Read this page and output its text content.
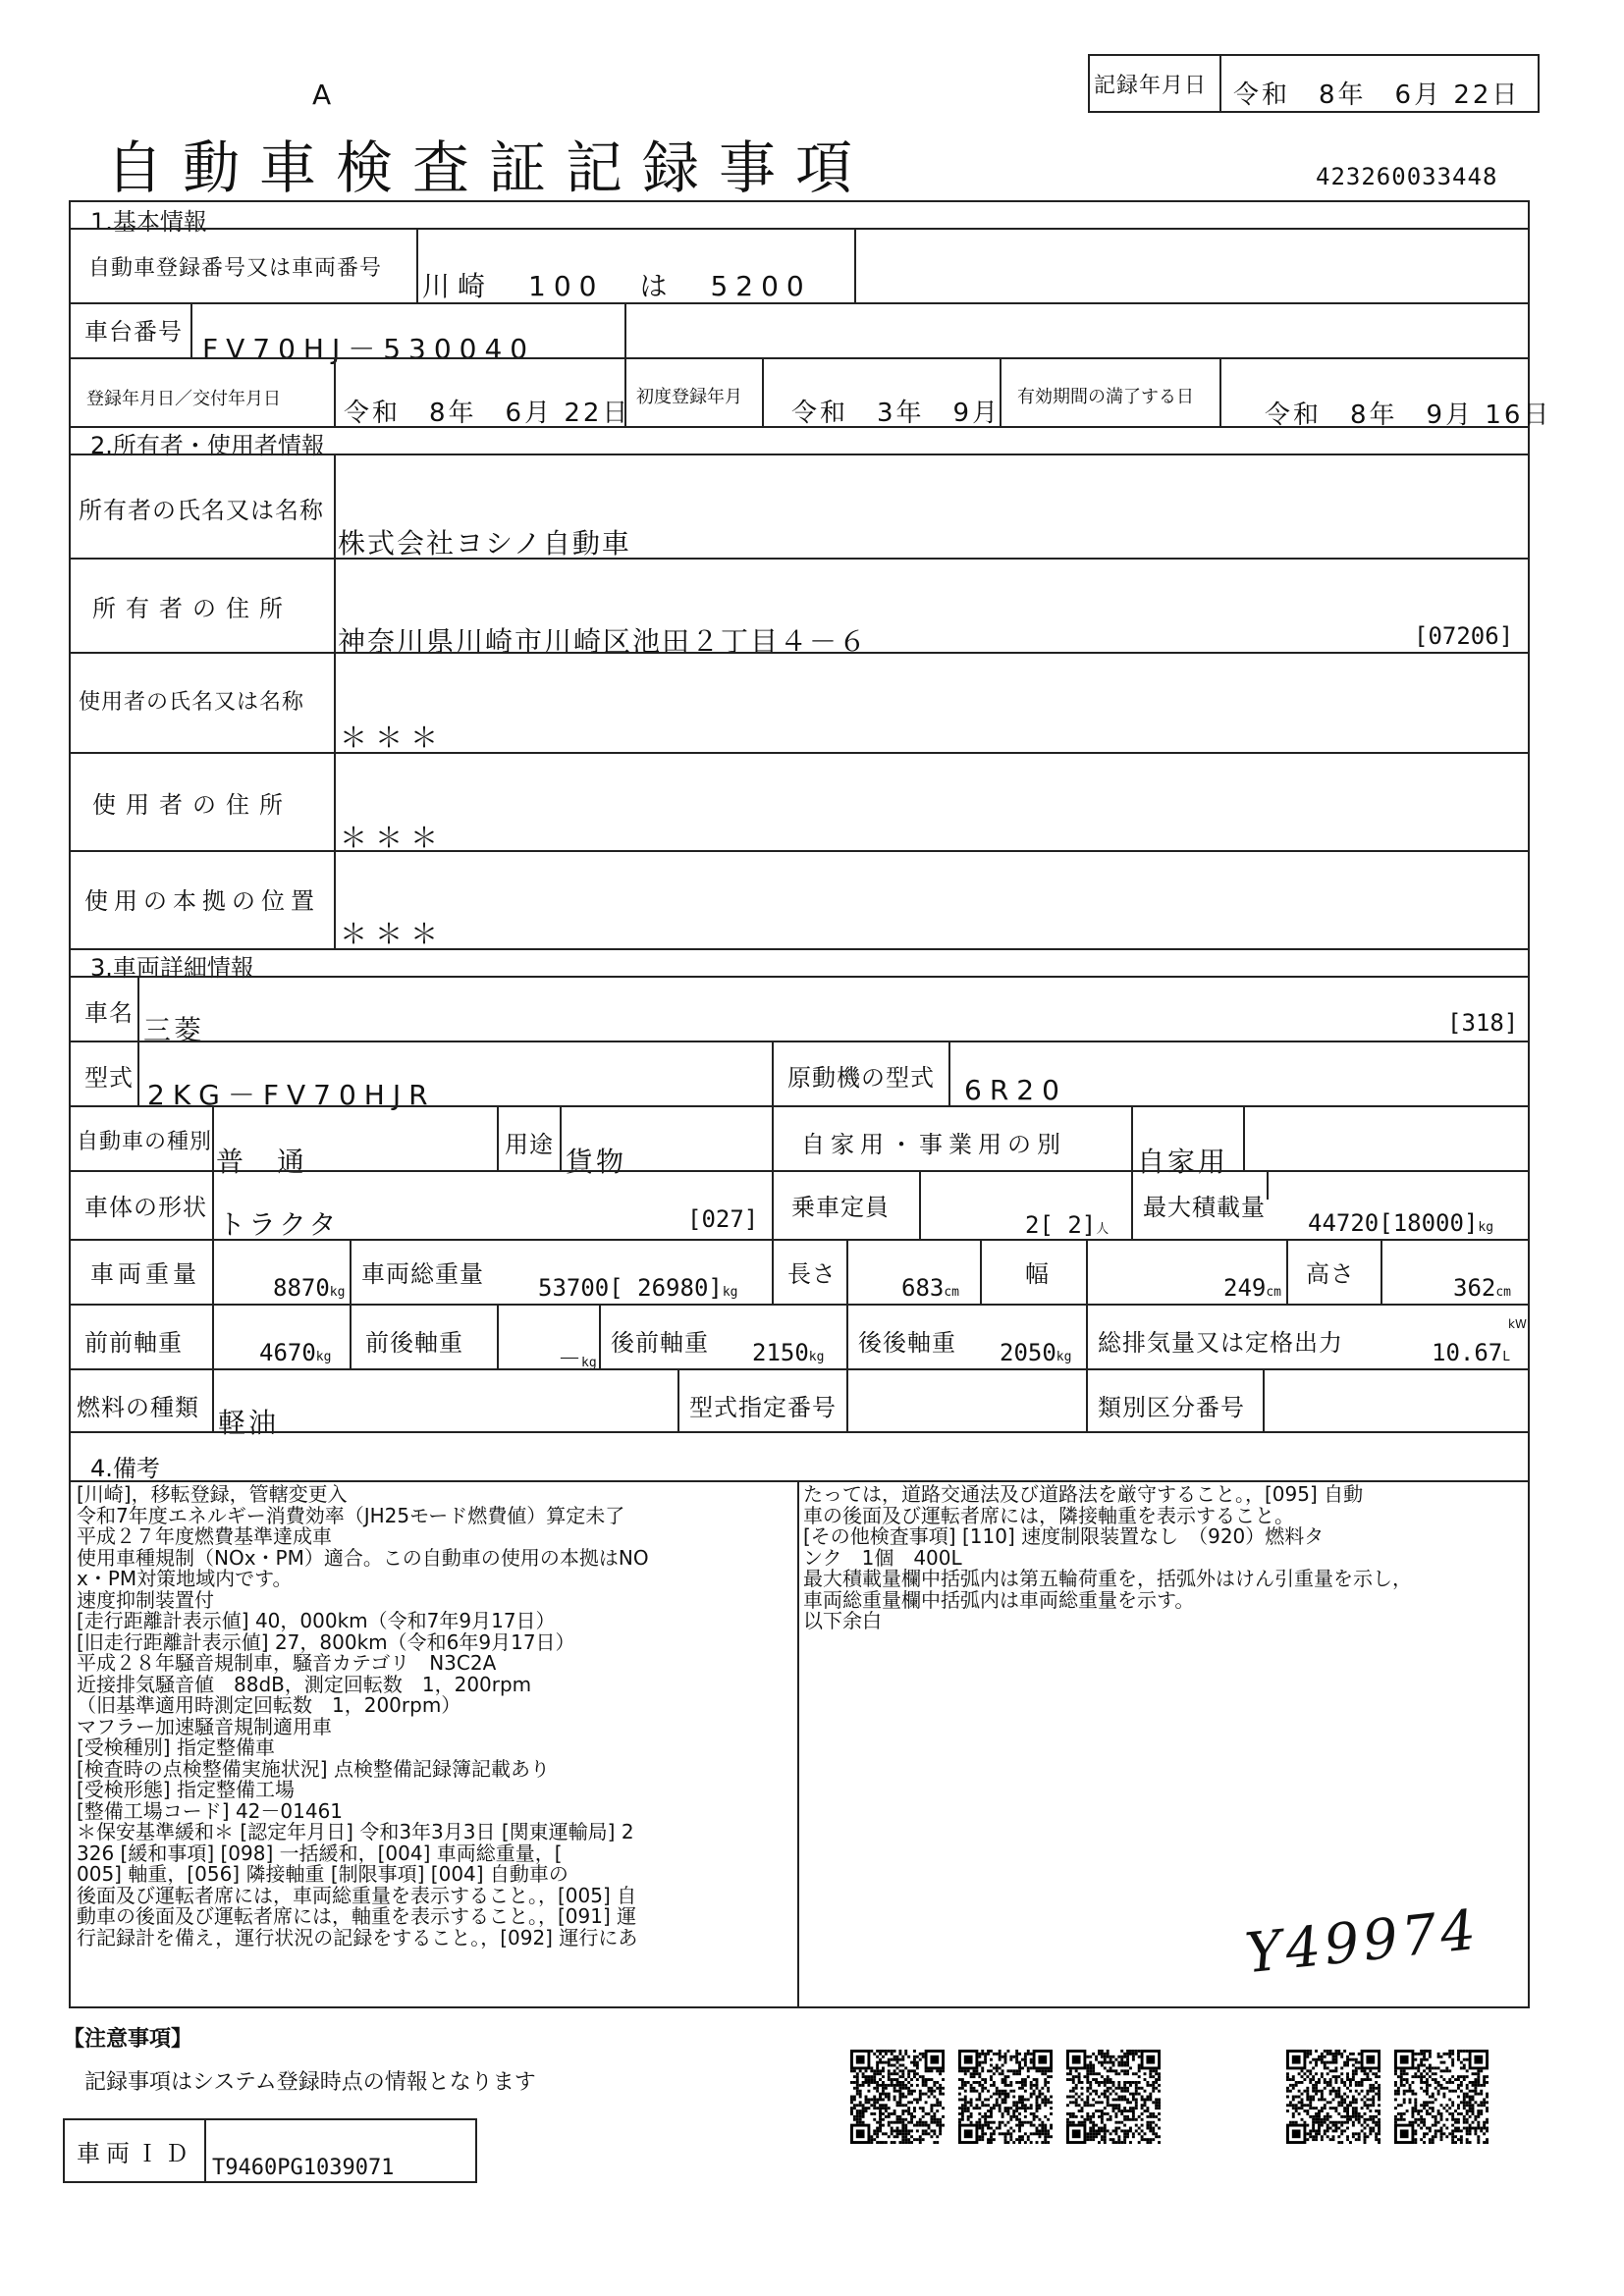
A
自動車検査証記録事項
記録年月日 令和　8年　6月 22日
423260033448
1.基本情報
自動車登録番号又は車両番号
川崎　100　は　5200
車台番号
FV70HJ－530040
登録年月日／交付年月日 令和　8年　6月 22日
初度登録年月
令和　3年　9月
有効期間の満了する日
令和　8年　9月 16日
2.所有者・使用者情報
所有者の氏名又は名称
株式会社ヨシノ自動車
所有者の住所
神奈川県川崎市川崎区池田２丁目４－６	[07206]
使用者の氏名又は名称
＊＊＊
使用者の住所
＊＊＊
使用の本拠の位置
＊＊＊
3.車両詳細情報
車名
三菱	[318]
型式
2KG－FV70HJR
原動機の型式 6R20
自動車の種別
普　通
用途
貨物
自家用・事業用の別
自家用
車体の形状
トラクタ	[027] 乗車定員
2[ 2]人
最大積載量
44720[18000]kg
車両重量	8870kg
車両総重量 53700[ 26980]kg
長さ	683cm
幅	249cm
高さ	362cm
前前軸重	4670kg
前後軸重
－kg
後前軸重 2150kg
後後軸重 2050kg
総排気量又は定格出力	10.67L
kW
燃料の種類 軽油	型式指定番号	類別区分番号
4.備考
[川崎]，移転登録，管轄変更入
令和7年度エネルギー消費効率（JH25モード燃費値）算定未了
平成２７年度燃費基準達成車
使用車種規制（NOx・PM）適合。この自動車の使用の本拠はNO
x・PM対策地域内です。
速度抑制装置付
[走行距離計表示値] 40，000km（令和7年9月17日）
[旧走行距離計表示値] 27，800km（令和6年9月17日）
平成２８年騒音規制車，騒音カテゴリ　N3C2A
近接排気騒音値　88dB，測定回転数　1，200rpm
（旧基準適用時測定回転数　1，200rpm）
マフラー加速騒音規制適用車
[受検種別] 指定整備車
[検査時の点検整備実施状況] 点検整備記録簿記載あり
[受検形態] 指定整備工場
[整備工場コード] 42－01461
＊保安基準緩和＊ [認定年月日] 令和3年3月3日 [関東運輸局] 2
326 [緩和事項] [098] 一括緩和，[004] 車両総重量，[
005] 軸重，[056] 隣接軸重 [制限事項] [004] 自動車の
後面及び運転者席には，車両総重量を表示すること。，[005] 自
動車の後面及び運転者席には，軸重を表示すること。，[091] 運
行記録計を備え，運行状況の記録をすること。，[092] 運行にあ
たっては，道路交通法及び道路法を厳守すること。，[095] 自動
車の後面及び運転者席には，隣接軸重を表示すること。
[その他検査事項] [110] 速度制限装置なし　（920）燃料タ
ンク　1個　400L
最大積載量欄中括弧内は第五輪荷重を，括弧外はけん引重量を示し，
車両総重量欄中括弧内は車両総重量を示す。
以下余白
Y49974
【注意事項】
記録事項はシステム登録時点の情報となります
車両ＩＤ
T9460PG1039071
